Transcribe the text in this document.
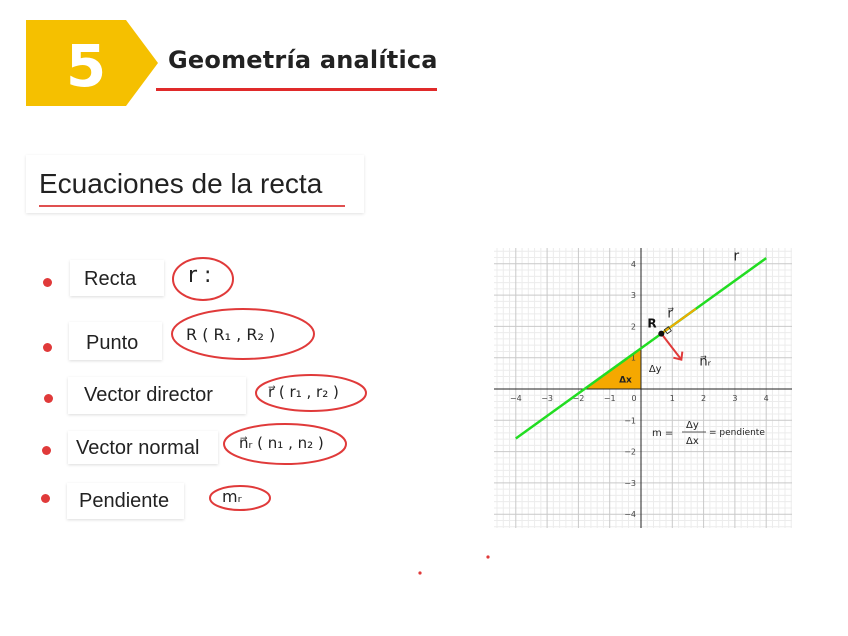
5	Geometría analítica
Ecuaciones de la recta
Recta
Punto
Vector director
Vector normal
Pendiente
r :
R ( R₁ , R₂ )
r⃗ ( r₁ , r₂ )
n⃗ᵣ ( n₁ , n₂ )
mᵣ
Δx
Δy
−4 −3 −2 −1 0	1	2	3	4
4
3
2
1
−1
−2
−3
−4
r
r⃗
n⃗ᵣ
R
m =
Δy
Δx
= pendiente
